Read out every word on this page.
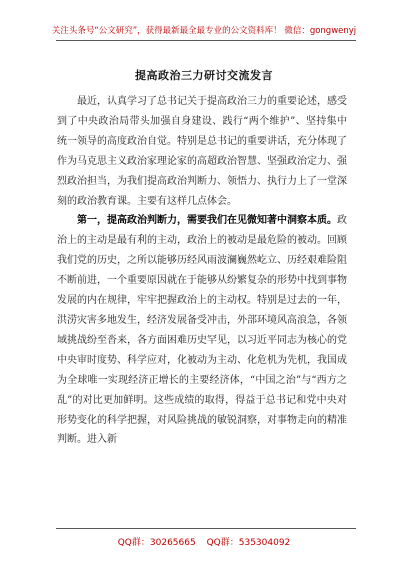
关注头条号“公文研究”，获得最新最全最专业的公文资料库！ 微信：gongwenyj
提高政治三力研讨交流发言

最近，认真学习了总书记关于提高政治三力的重要论述，感受到了中央政治局带头加强自身建设、践行“两个维护”、坚持集中统一领导的高度政治自觉。特别是总书记的重要讲话，充分体现了作为马克思主义政治家理论家的高超政治智慧、坚强政治定力、强烈政治担当，为我们提高政治判断力、领悟力、执行力上了一堂深刻的政治教育课。主要有这样几点体会。

第一，提高政治判断力，需要我们在见微知著中洞察本质。政治上的主动是最有利的主动，政治上的被动是最危险的被动。回顾我们党的历史，之所以能够历经风雨波澜巍然屹立、历经艰难险阻不断前进，一个重要原因就在于能够从纷繁复杂的形势中找到事物发展的内在规律，牢牢把握政治上的主动权。特别是过去的一年，洪涝灾害多地发生，经济发展备受冲击，外部环境风高浪急，各领域挑战纷至沓来，各方面困难历史罕见，以习近平同志为核心的党中央审时度势、科学应对，化被动为主动、化危机为先机，我国成为全球唯一实现经济正增长的主要经济体，“中国之治”与“西方之乱”的对比更加鲜明。这些成绩的取得，得益于总书记和党中央对形势变化的科学把握，对风险挑战的敏锐洞察，对事物走向的精准判断。进入新

QQ群：30265665 QQ群：535304092
